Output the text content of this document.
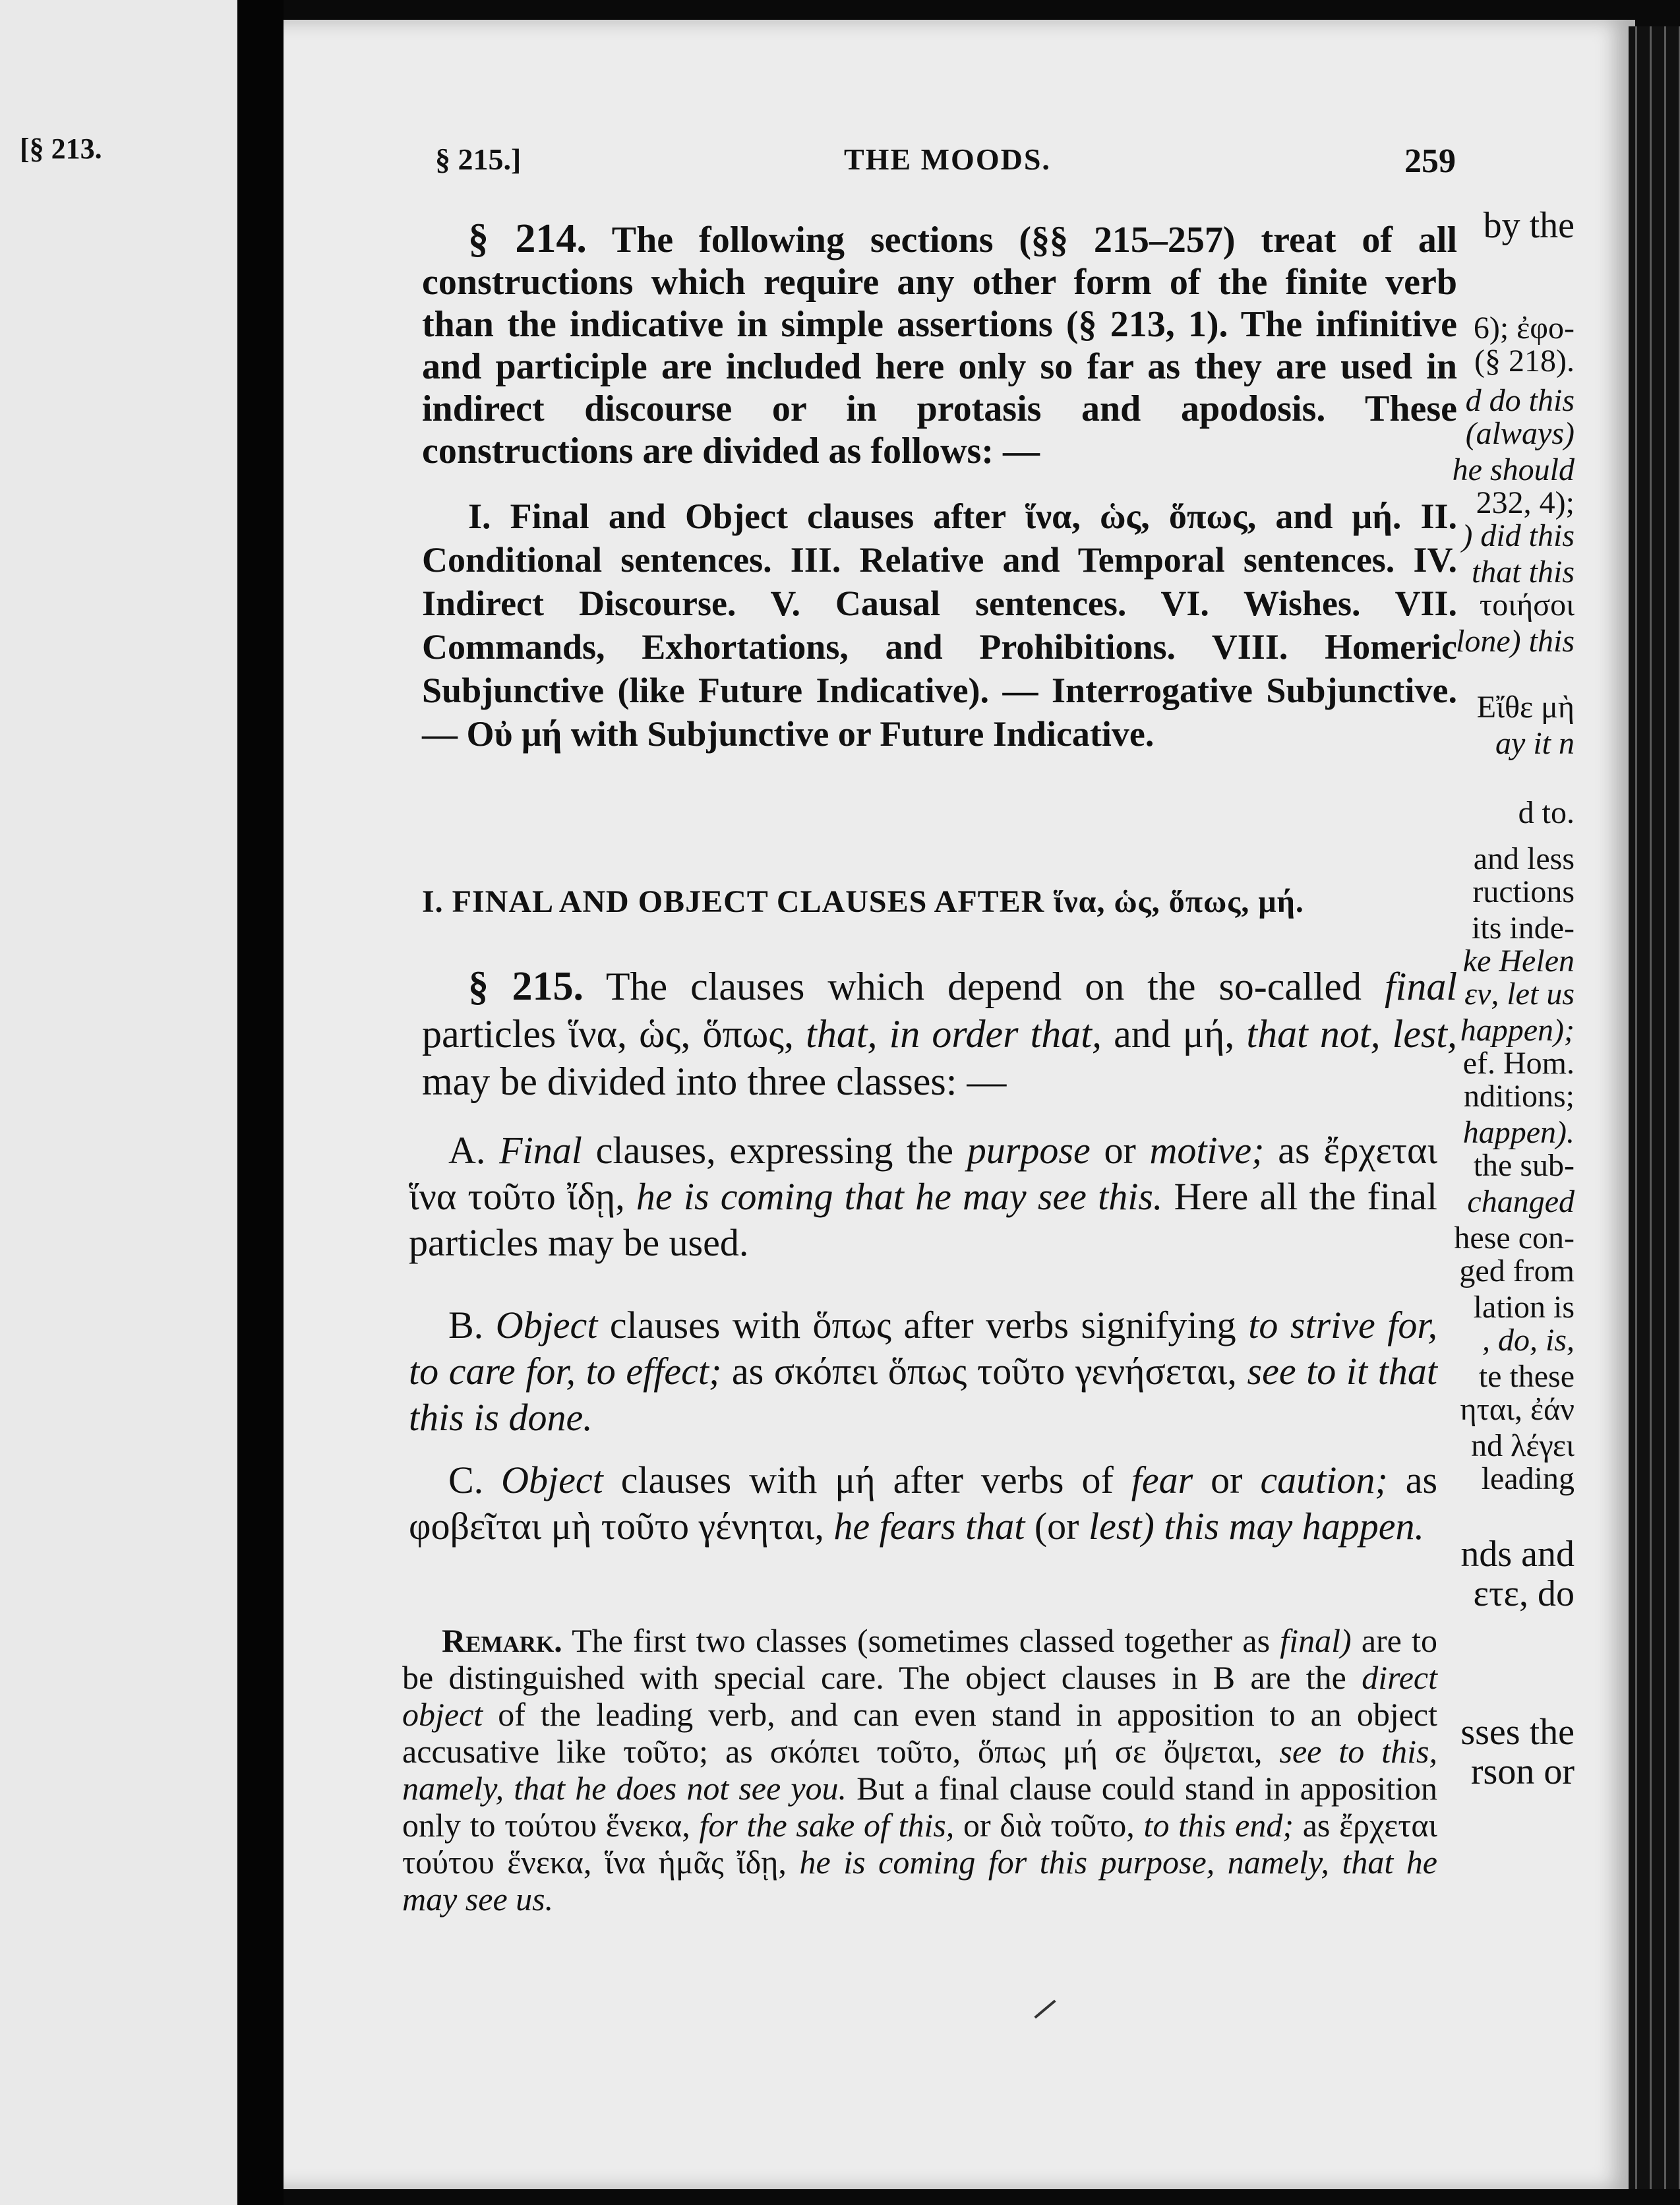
[§ 213.
by the
6); ἐφο-
(§ 218).
d do this
(always)
he should
232, 4);
) did this
that this
τοιήσοι
lone) this
Εἴθε μὴ
ay it n
d to.
and less
ructions
its inde-
ke Helen
εν, let us
happen);
ef. Hom.
nditions;
happen).
the sub-
changed
hese con-
ged from
lation is
, do, is,
te these
ηται, ἐάν
nd λέγει
leading
nds and
ετε, do
sses the
rson or
§ 215.]	THE MOODS.	259

§ 214. The following sections (§§ 215–257) treat of all constructions which require any other form of the finite verb than the indicative in simple assertions (§ 213, 1). The infinitive and participle are included here only so far as they are used in indirect discourse or in protasis and apodosis. These constructions are divided as follows: —

I. Final and Object clauses after ἵνα, ὡς, ὅπως, and μή. II. Conditional sentences. III. Relative and Temporal sentences. IV. Indirect Discourse. V. Causal sentences. VI. Wishes. VII. Commands, Exhortations, and Prohibitions. VIII. Homeric Subjunctive (like Future Indicative). — Interrogative Subjunctive. — Οὐ μή with Subjunctive or Future Indicative.

I. FINAL AND OBJECT CLAUSES AFTER ἵνα, ὡς, ὅπως, μή.

§ 215. The clauses which depend on the so-called final particles ἵνα, ὡς, ὅπως, that, in order that, and μή, that not, lest, may be divided into three classes: —

A. Final clauses, expressing the purpose or motive; as ἔρχεται ἵνα τοῦτο ἴδῃ, he is coming that he may see this. Here all the final particles may be used.

B. Object clauses with ὅπως after verbs signifying to strive for, to care for, to effect; as σκόπει ὅπως τοῦτο γενήσεται, see to it that this is done.

C. Object clauses with μή after verbs of fear or caution; as φοβεῖται μὴ τοῦτο γένηται, he fears that (or lest) this may happen.

Remark. The first two classes (sometimes classed together as final) are to be distinguished with special care. The object clauses in B are the direct object of the leading verb, and can even stand in apposition to an object accusative like τοῦτο; as σκόπει τοῦτο, ὅπως μή σε ὄψεται, see to this, namely, that he does not see you. But a final clause could stand in apposition only to τούτου ἕνεκα, for the sake of this, or διὰ τοῦτο, to this end; as ἔρχεται τούτου ἕνεκα, ἵνα ἡμᾶς ἴδῃ, he is coming for this purpose, namely, that he may see us.
